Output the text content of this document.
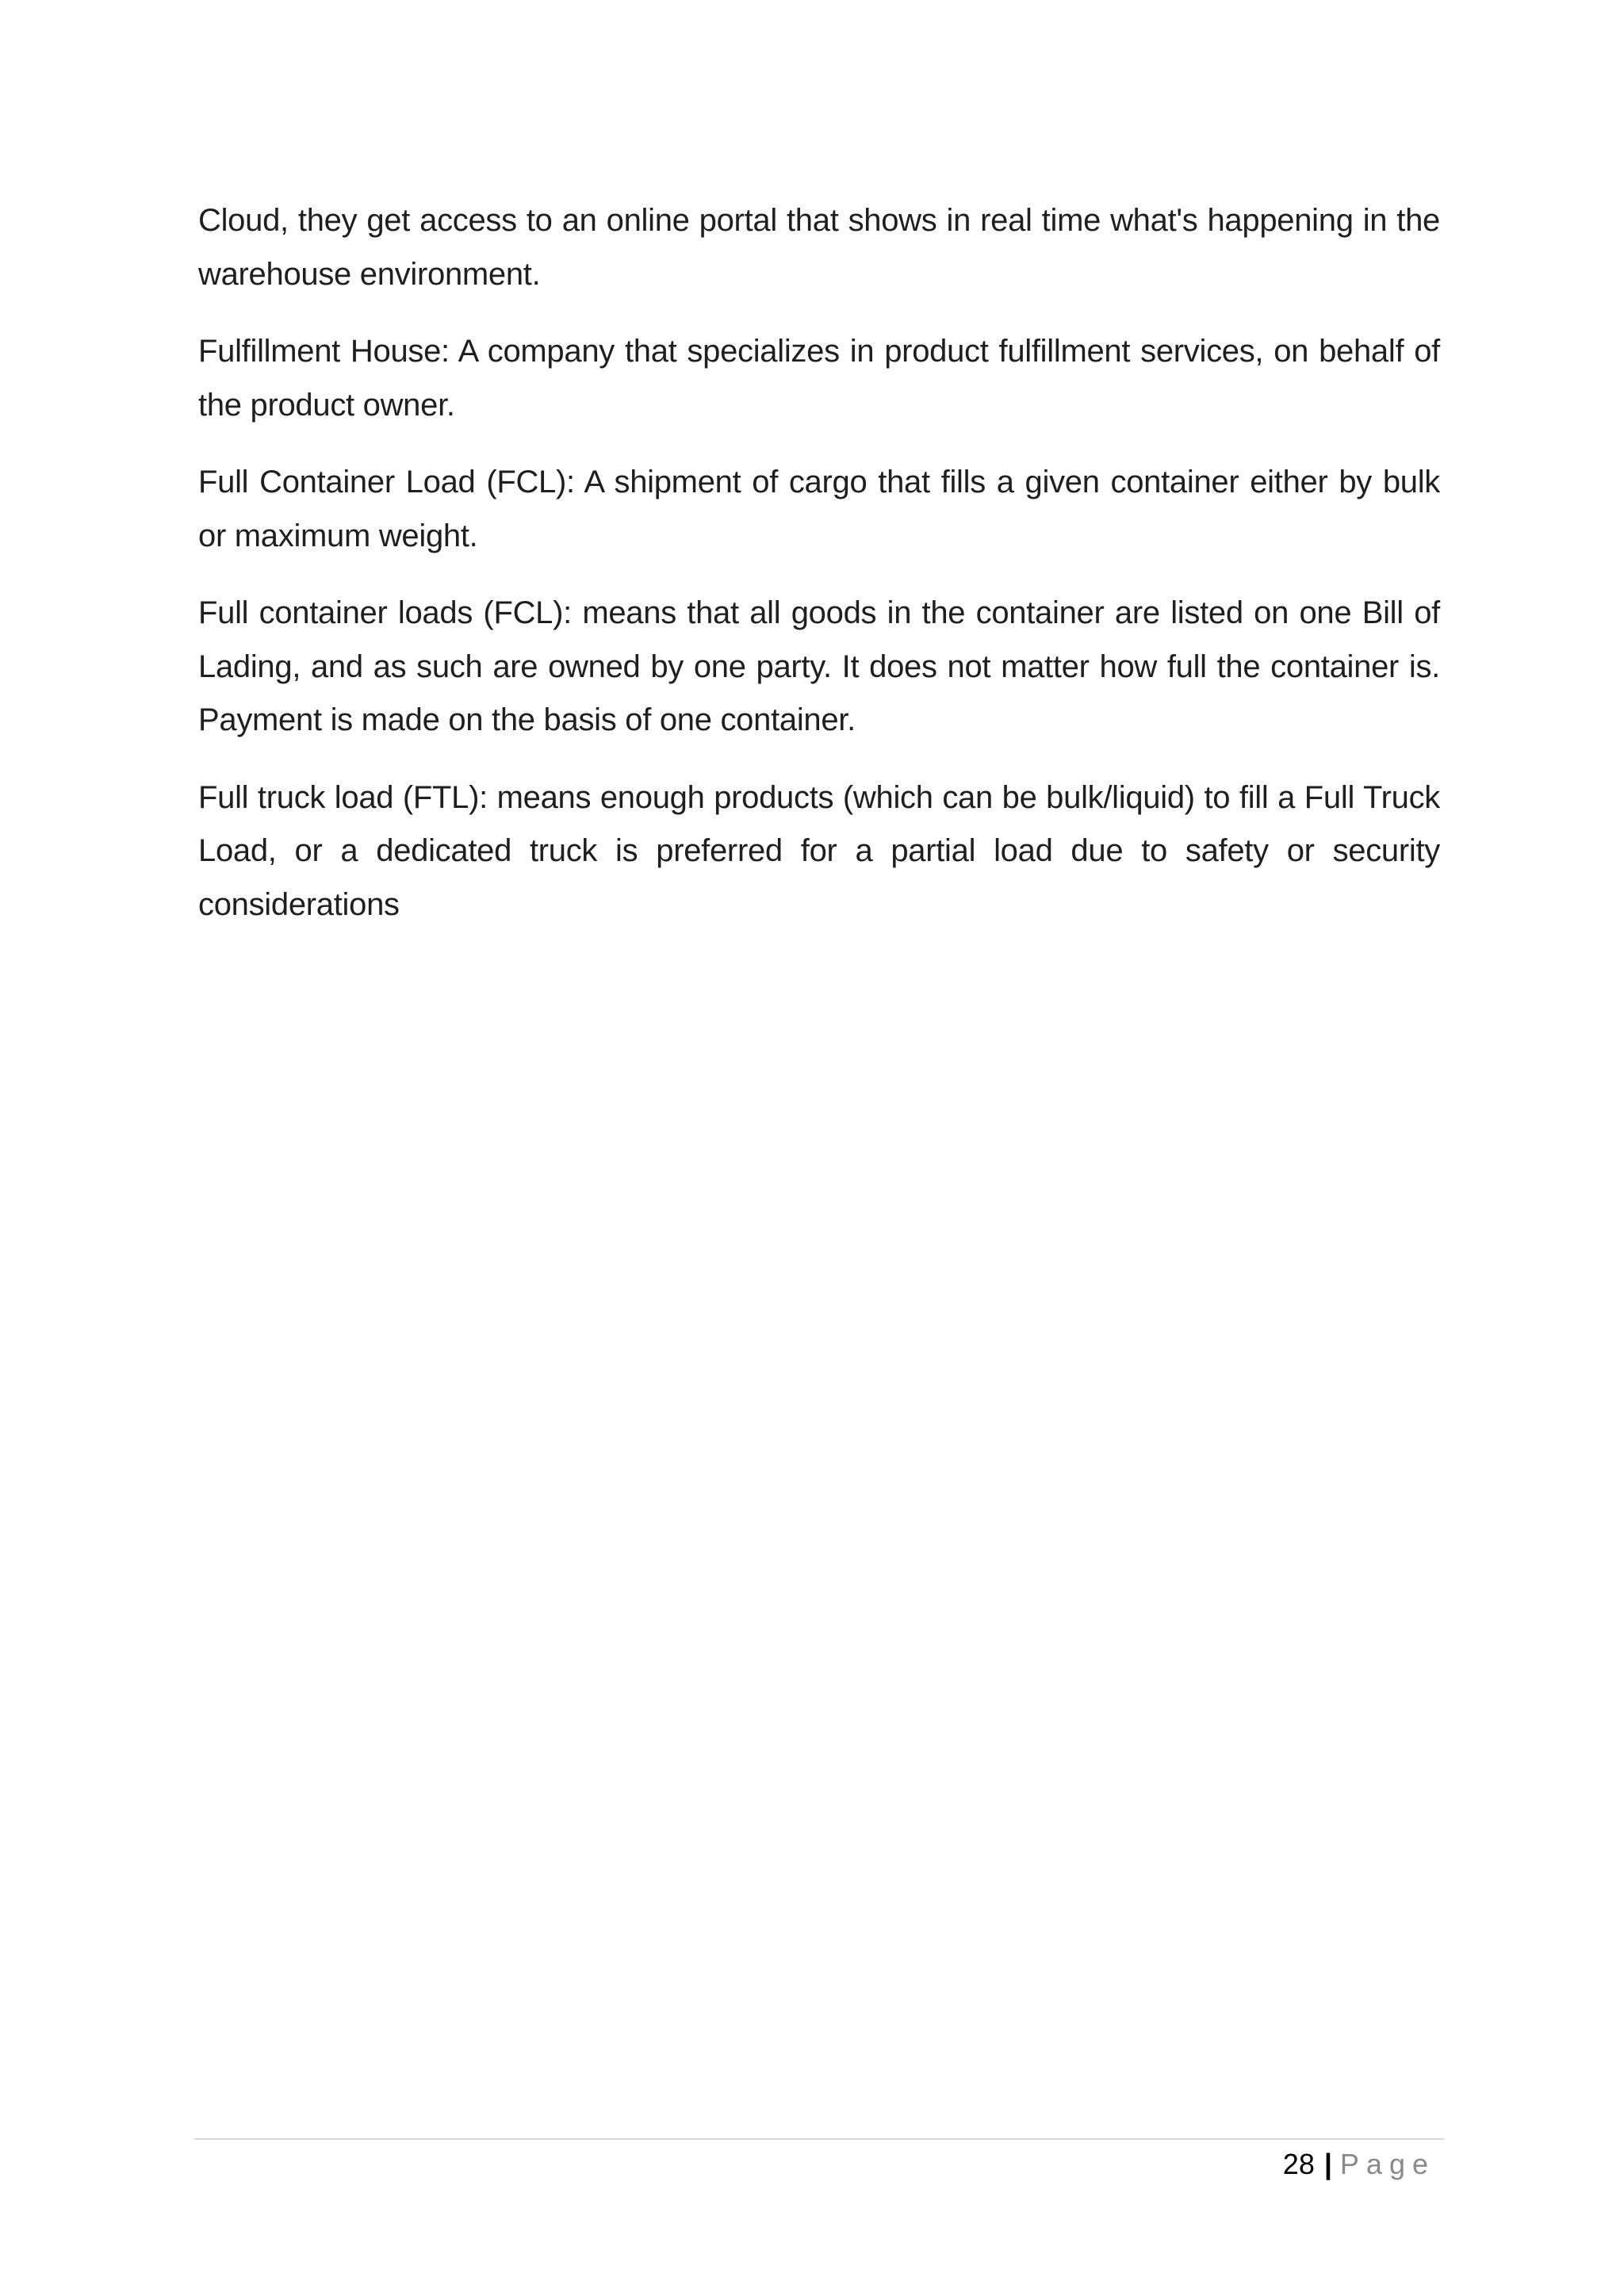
Cloud, they get access to an online portal that shows in real time what's happening in the warehouse environment.

Fulfillment House: A company that specializes in product fulfillment services, on behalf of the product owner.

Full Container Load (FCL): A shipment of cargo that fills a given container either by bulk or maximum weight.

Full container loads (FCL): means that all goods in the container are listed on one Bill of Lading, and as such are owned by one party. It does not matter how full the container is. Payment is made on the basis of one container.

Full truck load (FTL): means enough products (which can be bulk/liquid) to fill a Full Truck Load, or a dedicated truck is preferred for a partial load due to safety or security considerations

28 | Page
